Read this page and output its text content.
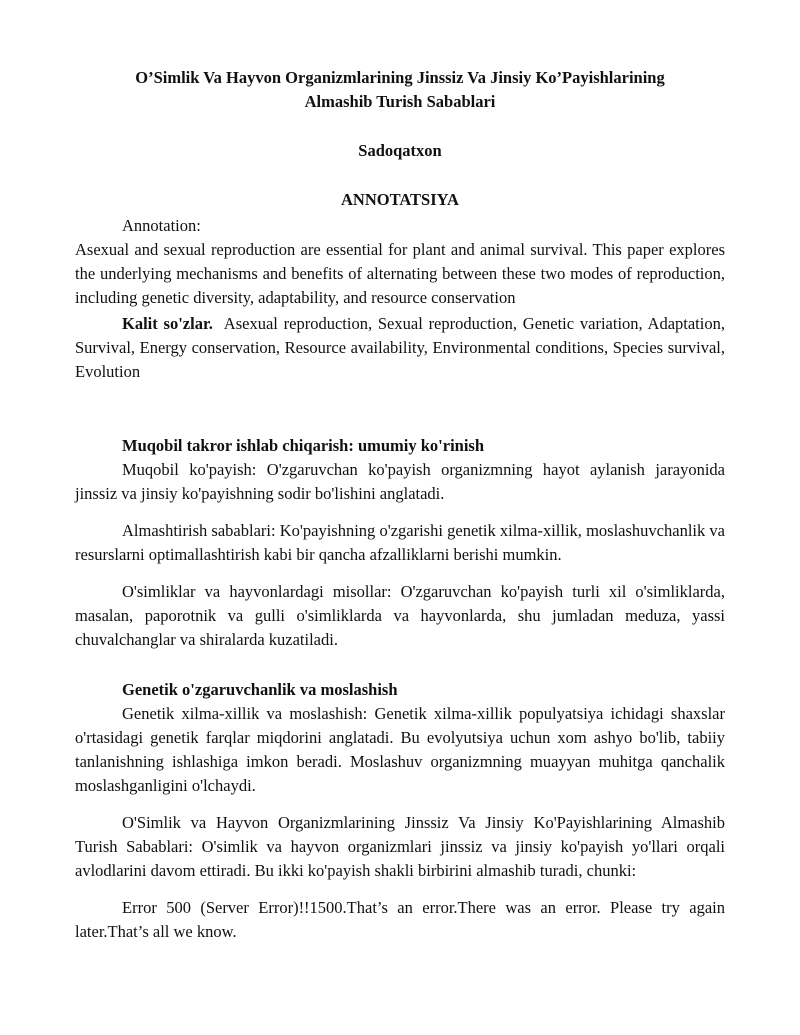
O’Simlik Va Hayvon Organizmlarining Jinssiz Va Jinsiy Ko’Payishlarining

Almashib Turish Sabablari

Sadoqatxon

ANNOTATSIYA

Annotation:

Asexual and sexual reproduction are essential for plant and animal survival. This paper explores the underlying mechanisms and benefits of alternating between these two modes of reproduction, including genetic diversity, adaptability, and resource conservation

Kalit so'zlar. Asexual reproduction, Sexual reproduction, Genetic variation, Adaptation, Survival, Energy conservation, Resource availability, Environmental conditions, Species survival, Evolution

Muqobil takror ishlab chiqarish: umumiy ko'rinish

Muqobil ko'payish: O'zgaruvchan ko'payish organizmning hayot aylanish jarayonida jinssiz va jinsiy ko'payishning sodir bo'lishini anglatadi.

Almashtirish sabablari: Ko'payishning o'zgarishi genetik xilma-xillik, moslashuvchanlik va resurslarni optimallashtirish kabi bir qancha afzalliklarni berishi mumkin.

O'simliklar va hayvonlardagi misollar: O'zgaruvchan ko'payish turli xil o'simliklarda, masalan, paporotnik va gulli o'simliklarda va hayvonlarda, shu jumladan meduza, yassi chuvalchanglar va shiralarda kuzatiladi.

Genetik o'zgaruvchanlik va moslashish

Genetik xilma-xillik va moslashish: Genetik xilma-xillik populyatsiya ichidagi shaxslar o'rtasidagi genetik farqlar miqdorini anglatadi. Bu evolyutsiya uchun xom ashyo bo'lib, tabiiy tanlanishning ishlashiga imkon beradi. Moslashuv organizmning muayyan muhitga qanchalik moslashganligini o'lchaydi.

O'Simlik va Hayvon Organizmlarining Jinssiz Va Jinsiy Ko'Payishlarining Almashib Turish Sabablari: O'simlik va hayvon organizmlari jinssiz va jinsiy ko'payish yo'llari orqali avlodlarini davom ettiradi. Bu ikki ko'payish shakli birbirini almashib turadi, chunki:

Error 500 (Server Error)!!1500.That’s an error.There was an error. Please try again later.That’s all we know.
